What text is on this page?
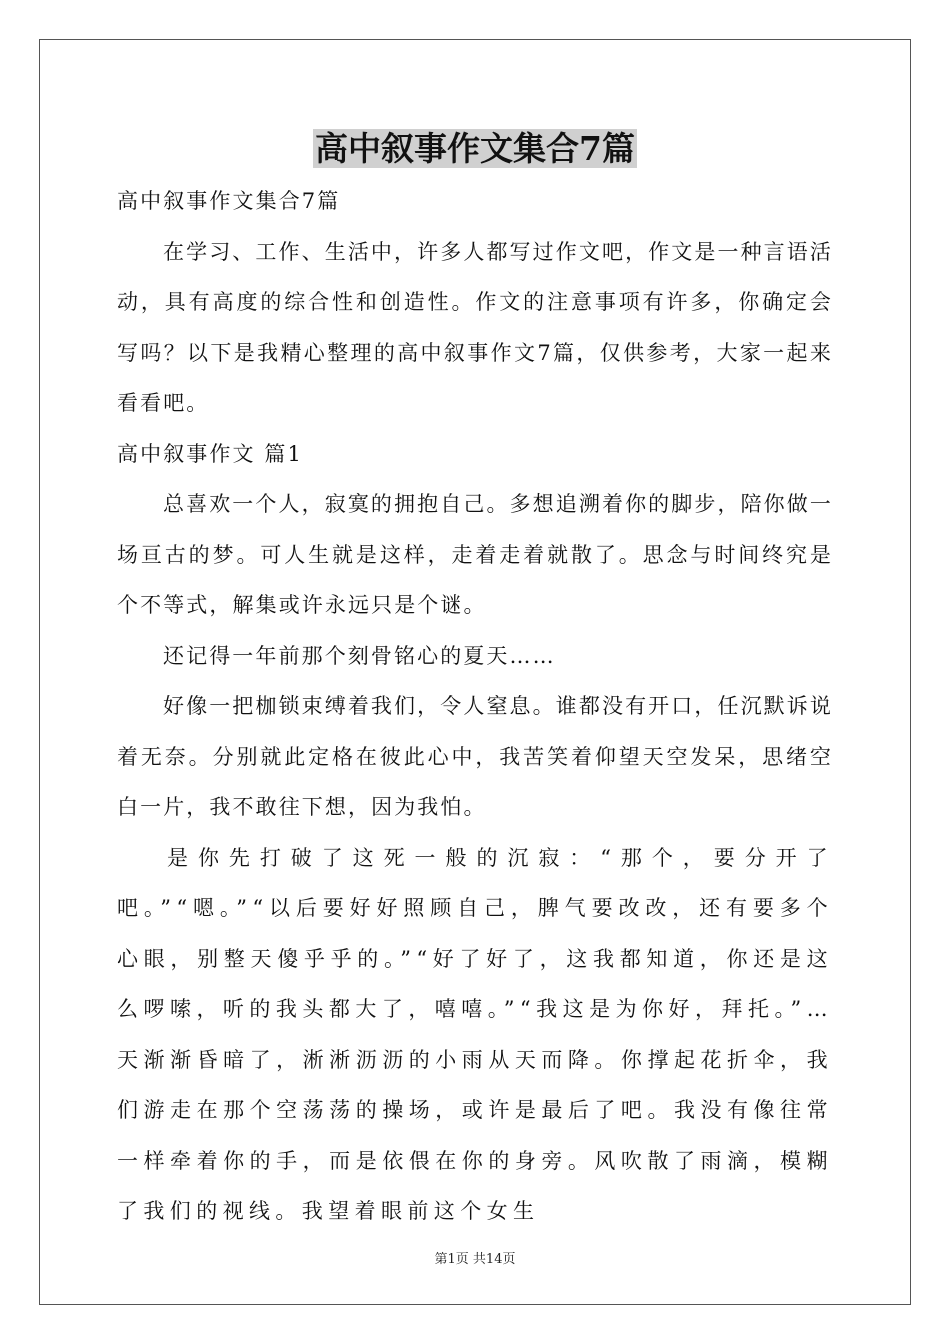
高中叙事作文集合7篇
高中叙事作文集合7篇
在学习、工作、生活中，许多人都写过作文吧，作文是一种言语活动，具有高度的综合性和创造性。作文的注意事项有许多，你确定会写吗？以下是我精心整理的高中叙事作文7篇，仅供参考，大家一起来看看吧。
高中叙事作文 篇1
总喜欢一个人，寂寞的拥抱自己。多想追溯着你的脚步，陪你做一场亘古的梦。可人生就是这样，走着走着就散了。思念与时间终究是个不等式，解集或许永远只是个谜。
还记得一年前那个刻骨铭心的夏天……
好像一把枷锁束缚着我们，令人窒息。谁都没有开口，任沉默诉说着无奈。分别就此定格在彼此心中，我苦笑着仰望天空发呆，思绪空白一片，我不敢往下想，因为我怕。
是你先打破了这死一般的沉寂：“那个，要分开了吧。”“嗯。”“以后要好好照顾自己，脾气要改改，还有要多个心眼，别整天傻乎乎的。”“好了好了，这我都知道，你还是这么啰嗦，听的我头都大了，嘻嘻。”“我这是为你好，拜托。”…天渐渐昏暗了，淅淅沥沥的小雨从天而降。你撑起花折伞，我们游走在那个空荡荡的操场，或许是最后了吧。我没有像往常一样牵着你的手，而是依偎在你的身旁。风吹散了雨滴，模糊了我们的视线。我望着眼前这个女生
第1页 共14页
